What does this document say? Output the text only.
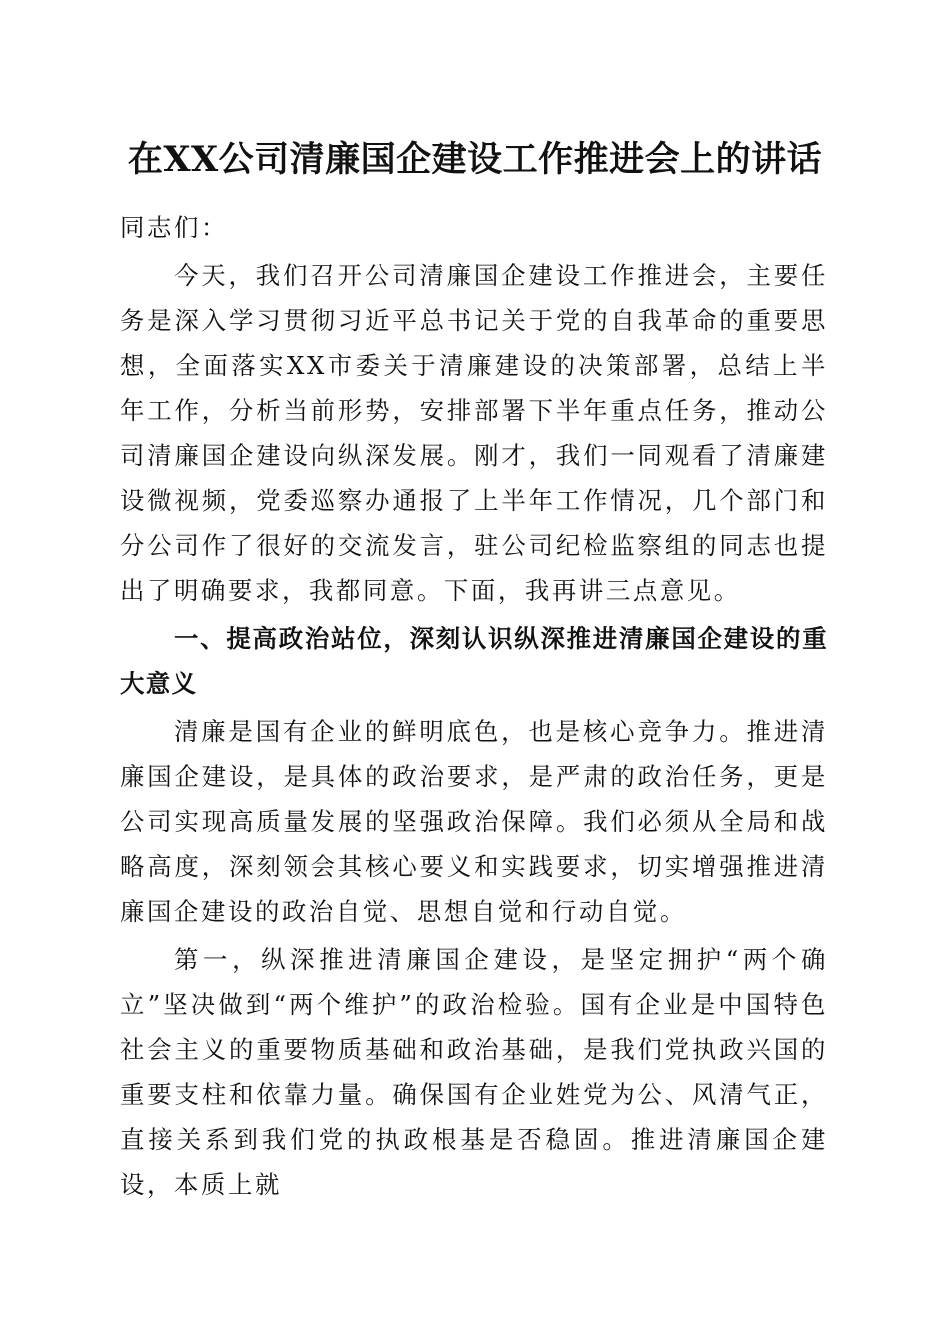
在XX公司清廉国企建设工作推进会上的讲话

同志们：

今天，我们召开公司清廉国企建设工作推进会，主要任务是深入学习贯彻习近平总书记关于党的自我革命的重要思想，全面落实XX市委关于清廉建设的决策部署，总结上半年工作，分析当前形势，安排部署下半年重点任务，推动公司清廉国企建设向纵深发展。刚才，我们一同观看了清廉建设微视频，党委巡察办通报了上半年工作情况，几个部门和分公司作了很好的交流发言，驻公司纪检监察组的同志也提出了明确要求，我都同意。下面，我再讲三点意见。

一、提高政治站位，深刻认识纵深推进清廉国企建设的重大意义

清廉是国有企业的鲜明底色，也是核心竞争力。推进清廉国企建设，是具体的政治要求，是严肃的政治任务，更是公司实现高质量发展的坚强政治保障。我们必须从全局和战略高度，深刻领会其核心要义和实践要求，切实增强推进清廉国企建设的政治自觉、思想自觉和行动自觉。

第一，纵深推进清廉国企建设，是坚定拥护“两个确立”坚决做到“两个维护”的政治检验。国有企业是中国特色社会主义的重要物质基础和政治基础，是我们党执政兴国的重要支柱和依靠力量。确保国有企业姓党为公、风清气正，直接关系到我们党的执政根基是否稳固。推进清廉国企建设，本质上就
